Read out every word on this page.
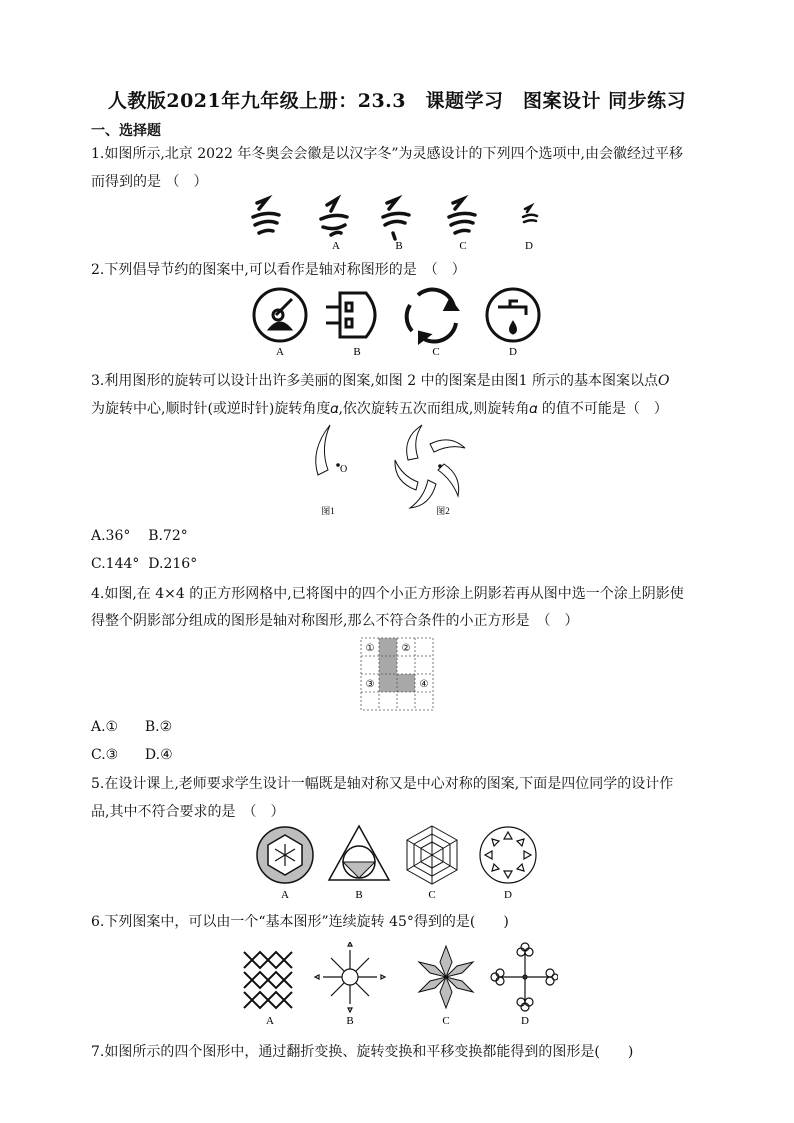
人教版2021年九年级上册：23.3　课题学习　图案设计 同步练习
一、选择题
1.如图所示,北京 2022 年冬奥会会徽是以汉字冬”为灵感设计的下列四个选项中,由会徽经过平移
而得到的是 （　）
A	B	C	D
2.下列倡导节约的图案中,可以看作是轴对称图形的是　（　）
A	B	C	D
3.利用图形的旋转可以设计出许多美丽的图案,如图 2 中的图案是由图1 所示的基本图案以点𝑂
为旋转中心,顺时针(或逆时针)旋转角度𝛼,依次旋转五次而组成,则旋转角𝛼 的值不可能是（　）
O
图1	图2
A.36° B.72°
C.144° D.216°
4.如图,在 4×4 的正方形网格中,已将图中的四个小正方形涂上阴影若再从图中选一个涂上阴影使
得整个阴影部分组成的图形是轴对称图形,那么不符合条件的小正方形是　（　）
①	②
③	④
A.① B.②
C.③ D.④
5.在设计课上,老师要求学生设计一幅既是轴对称又是中心对称的图案,下面是四位同学的设计作
品,其中不符合要求的是　（　）
A	B	C	D
6.下列图案中，可以由一个“基本图形”连续旋转 45°得到的是(　　)
A	B	C	D
7.如图所示的四个图形中，通过翻折变换、旋转变换和平移变换都能得到的图形是(　　)
